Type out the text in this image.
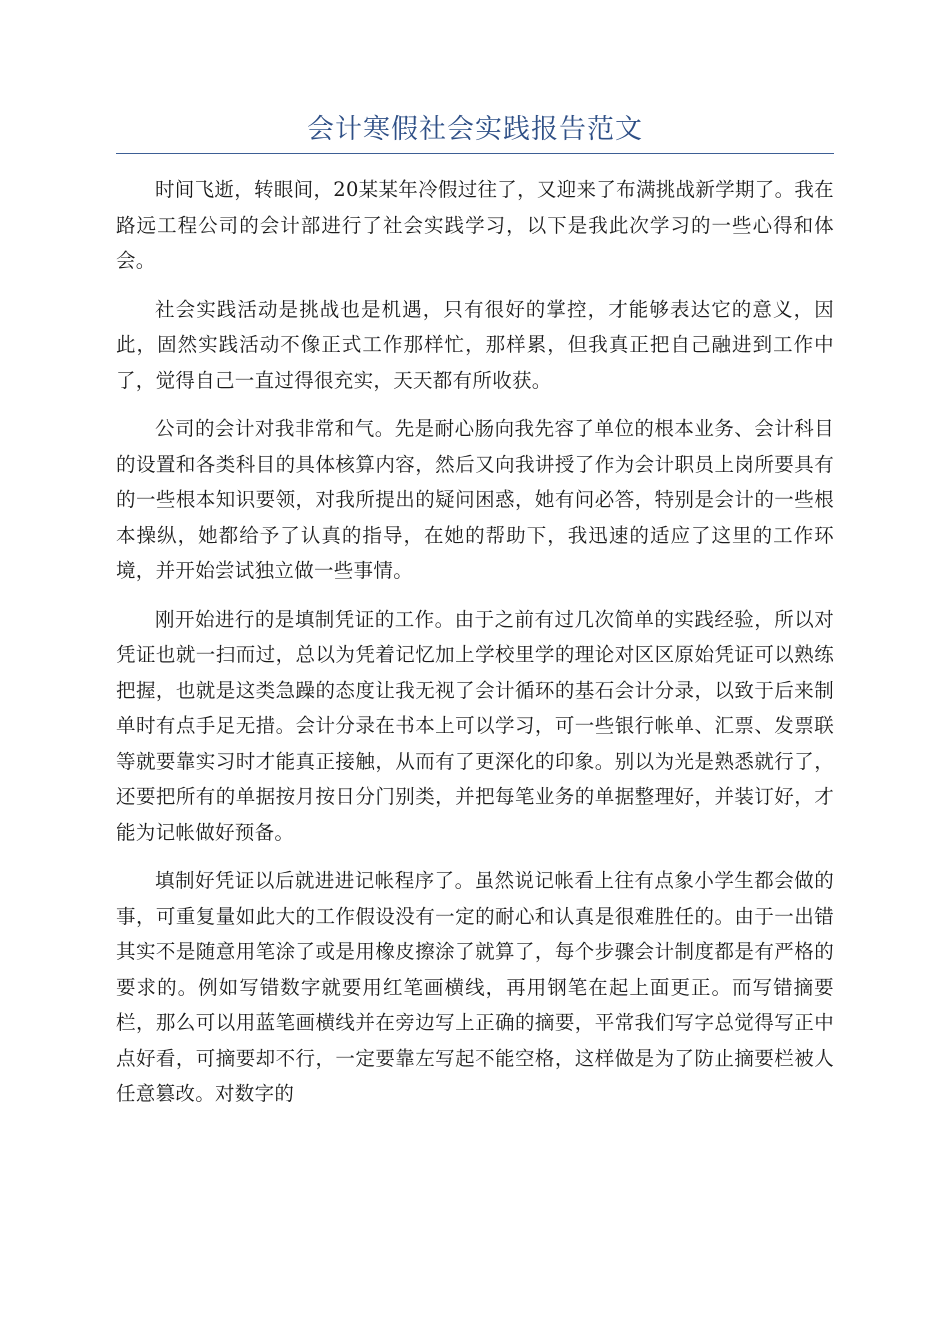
会计寒假社会实践报告范文

时间飞逝，转眼间，20某某年冷假过往了，又迎来了布满挑战新学期了。我在路远工程公司的会计部进行了社会实践学习，以下是我此次学习的一些心得和体会。

社会实践活动是挑战也是机遇，只有很好的掌控，才能够表达它的意义，因此，固然实践活动不像正式工作那样忙，那样累，但我真正把自己融进到工作中了，觉得自己一直过得很充实，天天都有所收获。

公司的会计对我非常和气。先是耐心肠向我先容了单位的根本业务、会计科目的设置和各类科目的具体核算内容，然后又向我讲授了作为会计职员上岗所要具有的一些根本知识要领，对我所提出的疑问困惑，她有问必答，特别是会计的一些根本操纵，她都给予了认真的指导，在她的帮助下，我迅速的适应了这里的工作环境，并开始尝试独立做一些事情。

刚开始进行的是填制凭证的工作。由于之前有过几次简单的实践经验，所以对凭证也就一扫而过，总以为凭着记忆加上学校里学的理论对区区原始凭证可以熟练把握，也就是这类急躁的态度让我无视了会计循环的基石会计分录，以致于后来制单时有点手足无措。会计分录在书本上可以学习，可一些银行帐单、汇票、发票联等就要靠实习时才能真正接触，从而有了更深化的印象。别以为光是熟悉就行了，还要把所有的单据按月按日分门别类，并把每笔业务的单据整理好，并装订好，才能为记帐做好预备。

填制好凭证以后就进进记帐程序了。虽然说记帐看上往有点象小学生都会做的事，可重复量如此大的工作假设没有一定的耐心和认真是很难胜任的。由于一出错其实不是随意用笔涂了或是用橡皮擦涂了就算了，每个步骤会计制度都是有严格的要求的。例如写错数字就要用红笔画横线，再用钢笔在起上面更正。而写错摘要栏，那么可以用蓝笔画横线并在旁边写上正确的摘要，平常我们写字总觉得写正中点好看，可摘要却不行，一定要靠左写起不能空格，这样做是为了防止摘要栏被人任意篡改。对数字的
